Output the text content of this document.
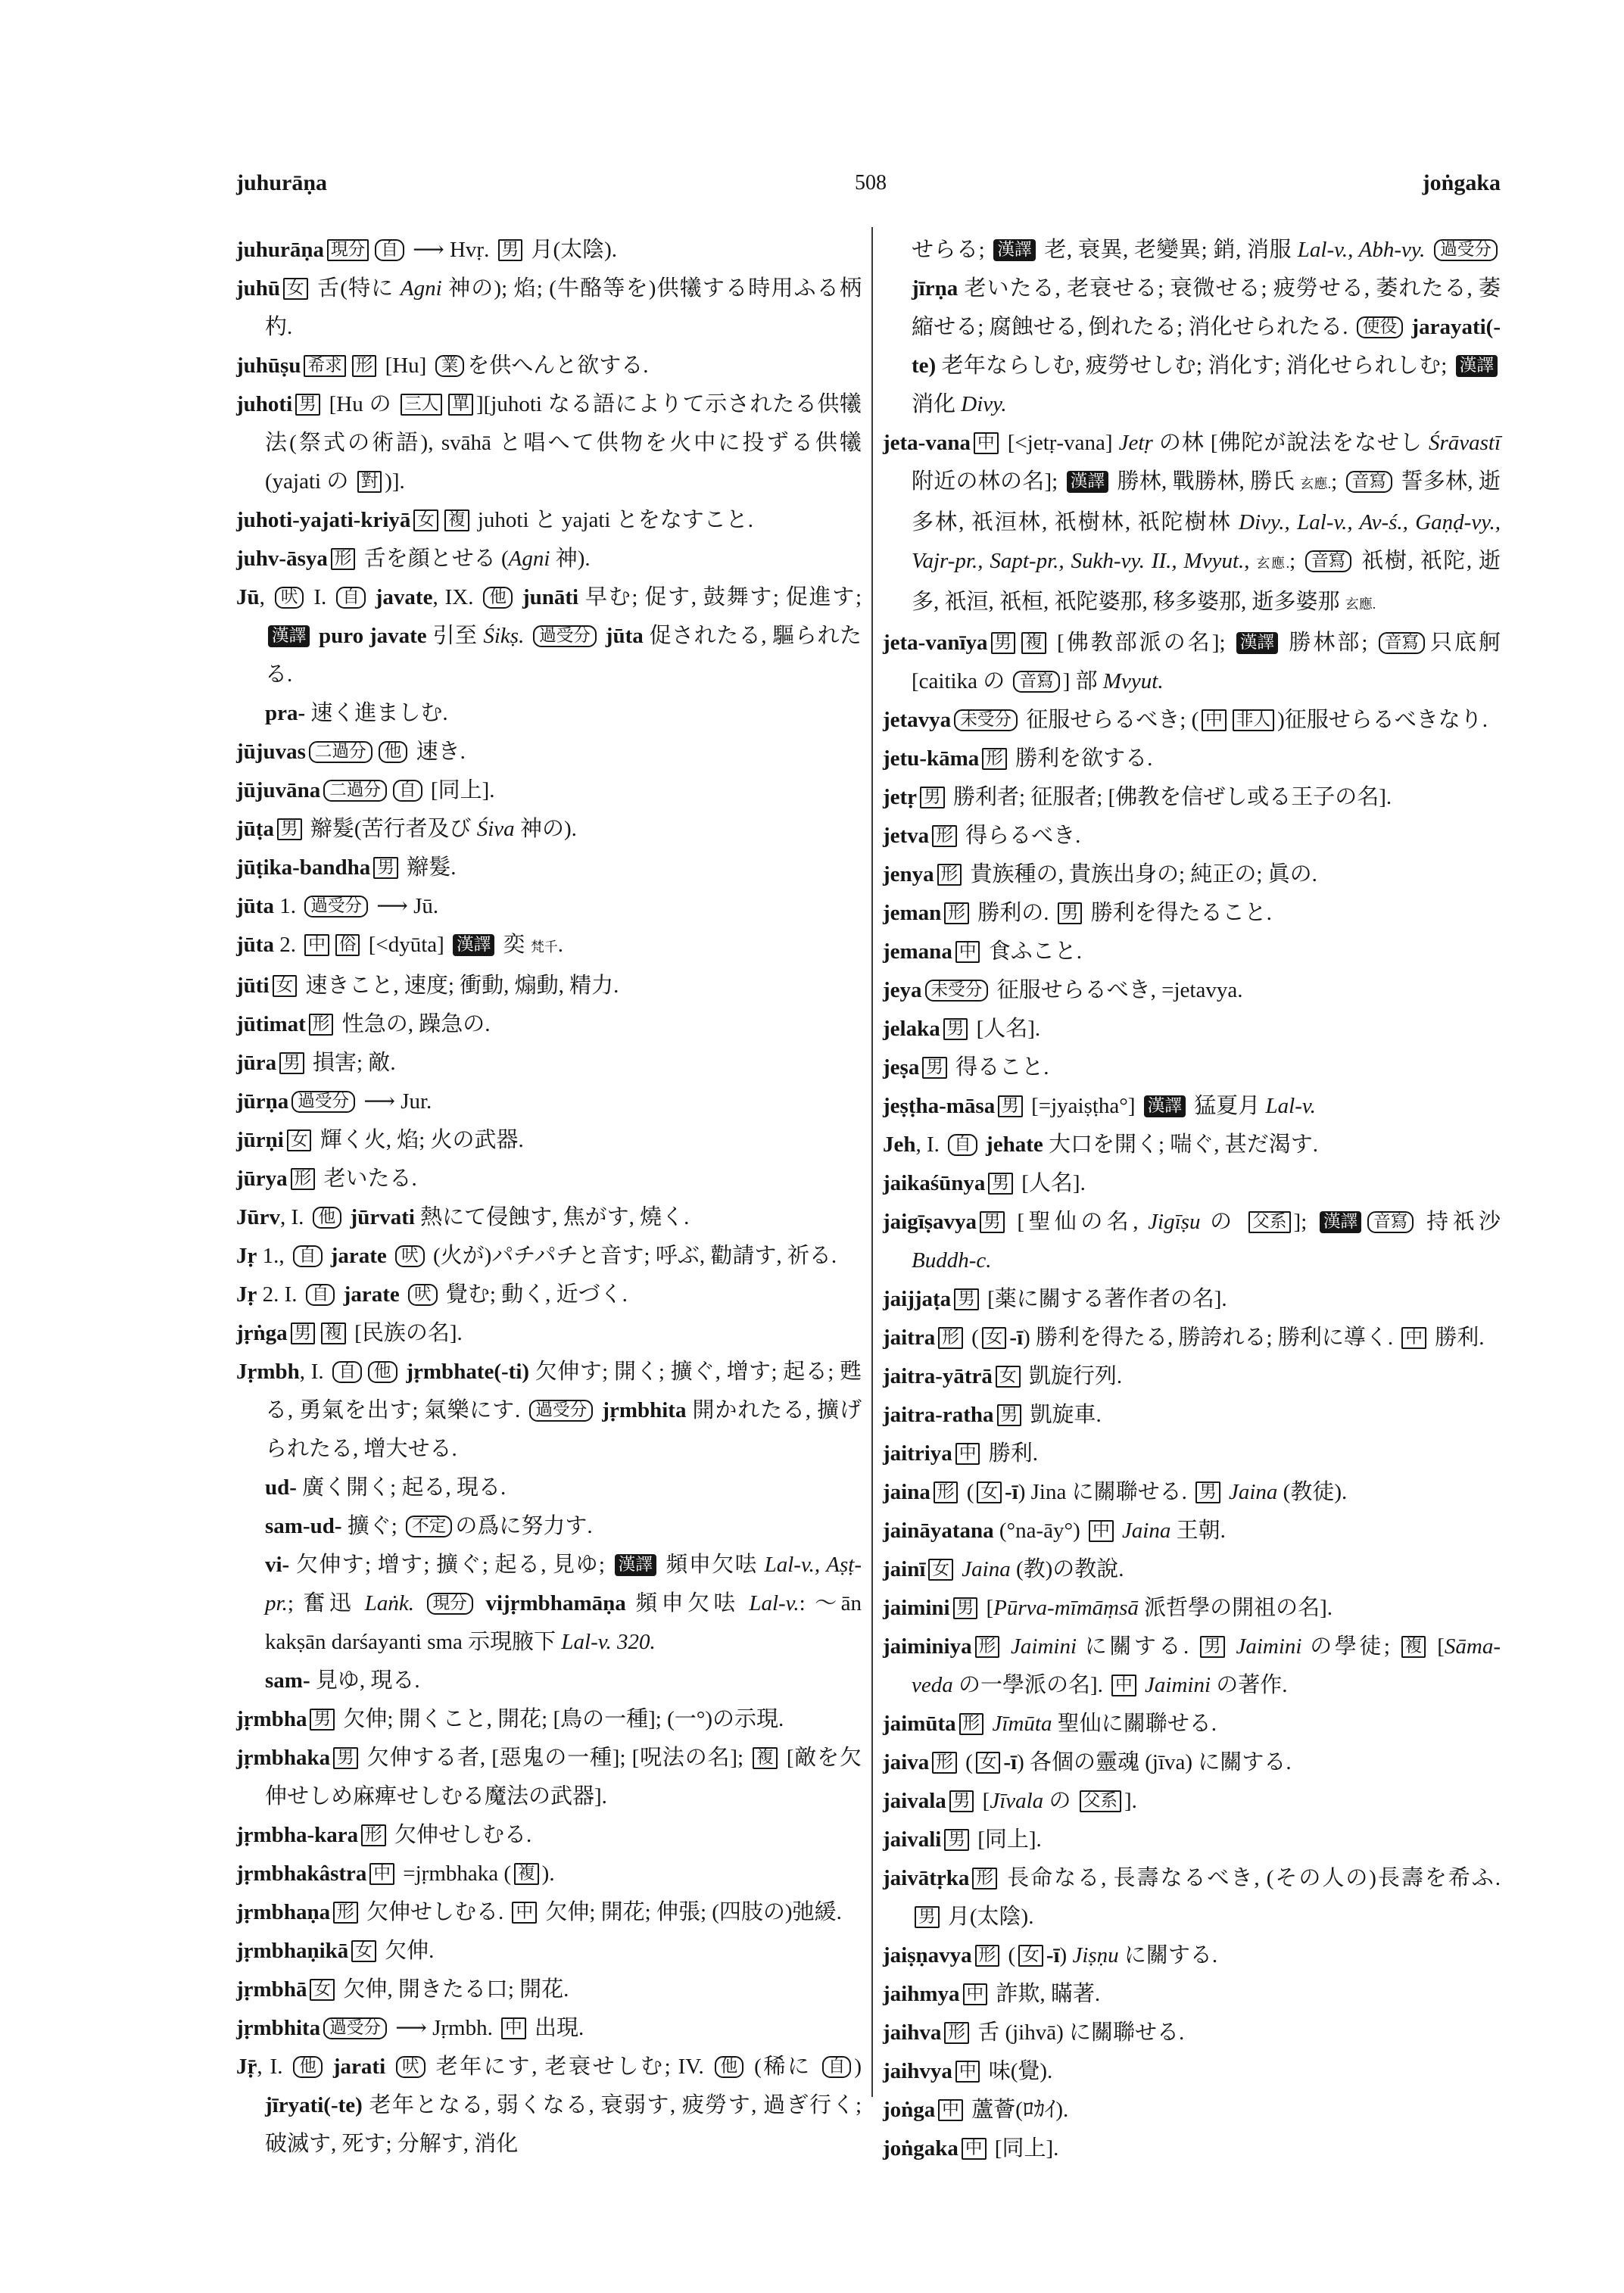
juhurāṇa	508	joṅgaka

juhurāṇa 現分 自 ⟶ Hvṛ. 男 月(太陰).

juhū 女 舌(特に Agni 神の); 焰; (牛酪等を)供犧する時用ふる柄杓.

juhūṣu 希求 形 [Hu] 業 を供へんと欲する.

juhoti 男 [Hu の 三人 單 ][juhoti なる語によりて示されたる供犧法(祭式の術語), svāhā と唱へて供物を火中に投ずる供犧 (yajati の 對 )].

juhoti-yajati-kriyā 女 複 juhoti と yajati とをなすこと.

juhv-āsya 形 舌を顔とせる (Agni 神).

Jū, 吠 I. 自 javate, IX. 他 junāti 早む; 促す, 鼓舞す; 促進す; 漢譯 puro javate 引至 Śikṣ. 過受分 jūta 促されたる, 驅られたる.

pra- 速く進ましむ.

jūjuvas 二過分 他 速き.

jūjuvāna 二過分 自 [同上].

jūṭa 男 辮髮(苦行者及び Śiva 神の).

jūṭika-bandha 男 辮髮.

jūta 1. 過受分 ⟶ Jū.

jūta 2. 中 俗 [<dyūta] 漢譯 奕 梵千.

jūti 女 速きこと, 速度; 衝動, 煽動, 精力.

jūtimat 形 性急の, 躁急の.

jūra 男 損害; 敵.

jūrṇa 過受分 ⟶ Jur.

jūrṇi 女 輝く火, 焰; 火の武器.

jūrya 形 老いたる.

Jūrv, I. 他 jūrvati 熱にて侵蝕す, 焦がす, 燒く.

Jṛ 1., 自 jarate 吠 (火が)パチパチと音す; 呼ぶ, 勸請す, 祈る.

Jṛ 2. I. 自 jarate 吠 覺む; 動く, 近づく.

jṛṅga 男 複 [民族の名].

Jṛmbh, I. 自 他 jṛmbhate(-ti) 欠伸す; 開く; 擴ぐ, 增す; 起る; 甦る, 勇氣を出す; 氣樂にす. 過受分 jṛmbhita 開かれたる, 擴げられたる, 增大せる.

ud- 廣く開く; 起る, 現る.

sam-ud- 擴ぐ; 不定 の爲に努力す.

vi- 欠伸す; 增す; 擴ぐ; 起る, 見ゆ; 漢譯 頻申欠呿 Lal-v., Aṣṭ-pr.; 奮迅 Laṅk. 現分 vijṛmbhamāṇa 頻申欠呿 Lal-v.: ～ān kakṣān darśayanti sma 示現腋下 Lal-v. 320.

sam- 見ゆ, 現る.

jṛmbha 男 欠伸; 開くこと, 開花; [鳥の一種]; (一°)の示現.

jṛmbhaka 男 欠伸する者, [惡鬼の一種]; [呪法の名]; 複 [敵を欠伸せしめ麻痺せしむる魔法の武器].

jṛmbha-kara 形 欠伸せしむる.

jṛmbhakâstra 中 =jṛmbhaka ( 複 ).

jṛmbhaṇa 形 欠伸せしむる. 中 欠伸; 開花; 伸張; (四肢の)弛緩.

jṛmbhaṇikā 女 欠伸.

jṛmbhā 女 欠伸, 開きたる口; 開花.

jṛmbhita 過受分 ⟶ Jṛmbh. 中 出現.

Jṝ, I. 他 jarati 吠 老年にす, 老衰せしむ; IV. 他 (稀に 自 ) jīryati(-te) 老年となる, 弱くなる, 衰弱す, 疲勞す, 過ぎ行く; 破滅す, 死す; 分解す, 消化

せらる; 漢譯 老, 衰異, 老變異; 銷, 消服 Lal-v., Abh-vy. 過受分 jīrṇa 老いたる, 老衰せる; 衰微せる; 疲勞せる, 萎れたる, 萎縮せる; 腐蝕せる, 倒れたる; 消化せられたる. 使役 jarayati(-te) 老年ならしむ, 疲勞せしむ; 消化す; 消化せられしむ; 漢譯 消化 Divy.

jeta-vana 中 [<jetṛ-vana] Jetṛ の林 [佛陀が說法をなせし Śrāvastī 附近の林の名]; 漢譯 勝林, 戰勝林, 勝氏 玄應.; 音寫 誓多林, 逝多林, 祇洹林, 祇樹林, 祇陀樹林 Divy., Lal-v., Av-ś., Gaṇḍ-vy., Vajr-pr., Sapt-pr., Sukh-vy. II., Mvyut., 玄應.; 音寫 祇樹, 祇陀, 逝多, 祇洹, 祇桓, 祇陀婆那, 移多婆那, 逝多婆那 玄應.

jeta-vanīya 男 複 [佛教部派の名]; 漢譯 勝林部; 音寫 只底舸 [caitika の 音寫 ] 部 Mvyut.

jetavya 未受分 征服せらるべき; ( 中 非人 )征服せらるべきなり.

jetu-kāma 形 勝利を欲する.

jetṛ 男 勝利者; 征服者; [佛教を信ぜし或る王子の名].

jetva 形 得らるべき.

jenya 形 貴族種の, 貴族出身の; 純正の; 眞の.

jeman 形 勝利の. 男 勝利を得たること.

jemana 中 食ふこと.

jeya 未受分 征服せらるべき, =jetavya.

jelaka 男 [人名].

jeṣa 男 得ること.

jeṣṭha-māsa 男 [=jyaiṣṭha°] 漢譯 猛夏月 Lal-v.

Jeh, I. 自 jehate 大口を開く; 喘ぐ, 甚だ渴す.

jaikaśūnya 男 [人名].

jaigīṣavya 男 [聖仙の名, Jigīṣu の 父系 ]; 漢譯 音寫 持祇沙 Buddh-c.

jaijjaṭa 男 [薬に關する著作者の名].

jaitra 形 ( 女 -ī) 勝利を得たる, 勝誇れる; 勝利に導く. 中 勝利.

jaitra-yātrā 女 凱旋行列.

jaitra-ratha 男 凱旋車.

jaitriya 中 勝利.

jaina 形 ( 女 -ī) Jina に關聯せる. 男 Jaina (教徒).

jaināyatana (°na-āy°) 中 Jaina 王朝.

jainī 女 Jaina (教)の教說.

jaimini 男 [Pūrva-mīmāṃsā 派哲學の開祖の名].

jaiminiya 形 Jaimini に關する. 男 Jaimini の學徒; 複 [Sāma-veda の一學派の名]. 中 Jaimini の著作.

jaimūta 形 Jīmūta 聖仙に關聯せる.

jaiva 形 ( 女 -ī) 各個の靈魂 (jīva) に關する.

jaivala 男 [Jīvala の 父系 ].

jaivali 男 [同上].

jaivātṛka 形 長命なる, 長壽なるべき, (その人の)長壽を希ふ. 男 月(太陰).

jaiṣṇavya 形 ( 女 -ī) Jiṣṇu に關する.

jaihmya 中 詐欺, 瞞著.

jaihva 形 舌 (jihvā) に關聯せる.

jaihvya 中 味(覺).

joṅga 中 蘆薈(ﾛｶｲ).

joṅgaka 中 [同上].
